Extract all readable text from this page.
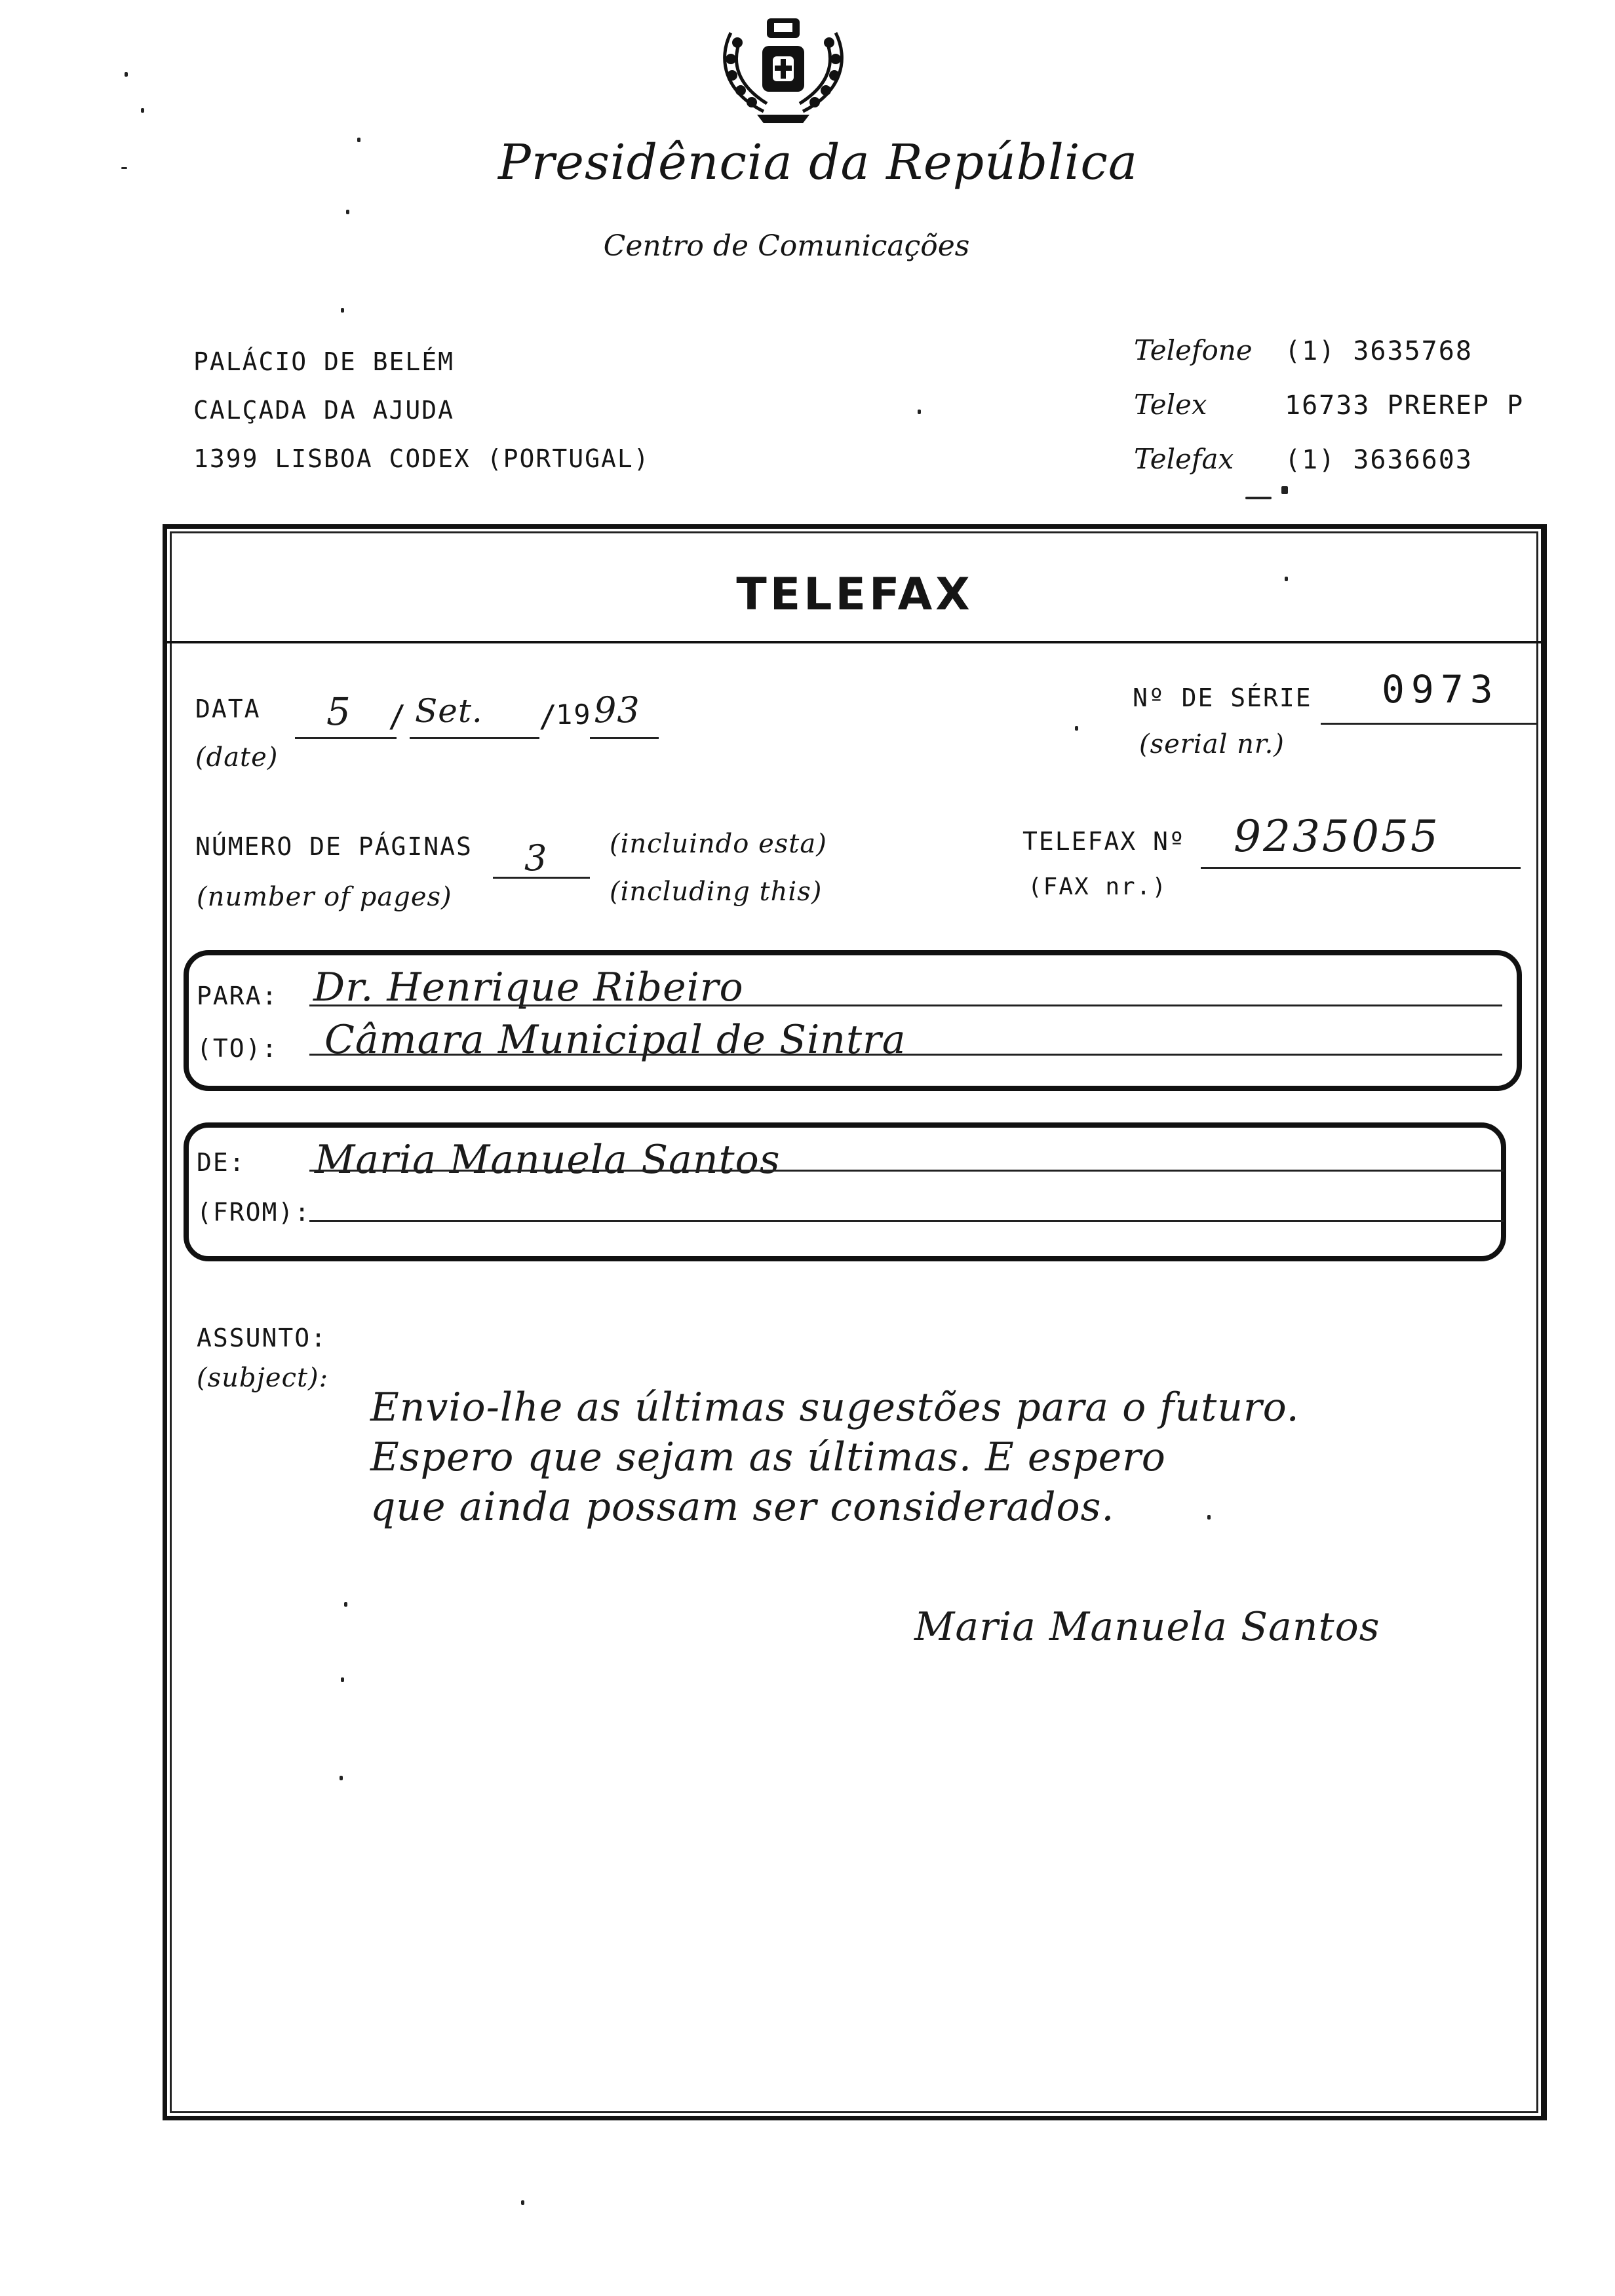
Presidência da República
Centro de Comunicações
PALÁCIO DE BELÉM
CALÇADA DA AJUDA
1399 LISBOA CODEX (PORTUGAL)
Telefone (1) 3635768
Telex	16733 PREREP P
Telefax (1) 3636603
TELEFAX
DATA
(date)
5 / Set. /
19 93	Nº DE SÉRIE
(serial nr.)
0973
NÚMERO DE PÁGINAS
(number of pages)
3 (incluindo esta)
(including this)
TELEFAX Nº
(FAX nr.)
9235055
PARA:
(TO):
Dr. Henrique Ribeiro
Câmara Municipal de Sintra
DE:
(FROM):
Maria Manuela Santos
ASSUNTO:
(subject):
Envio-lhe as últimas sugestões para o futuro.
Espero que sejam as últimas. E espero
que ainda possam ser considerados.
Maria Manuela Santos
